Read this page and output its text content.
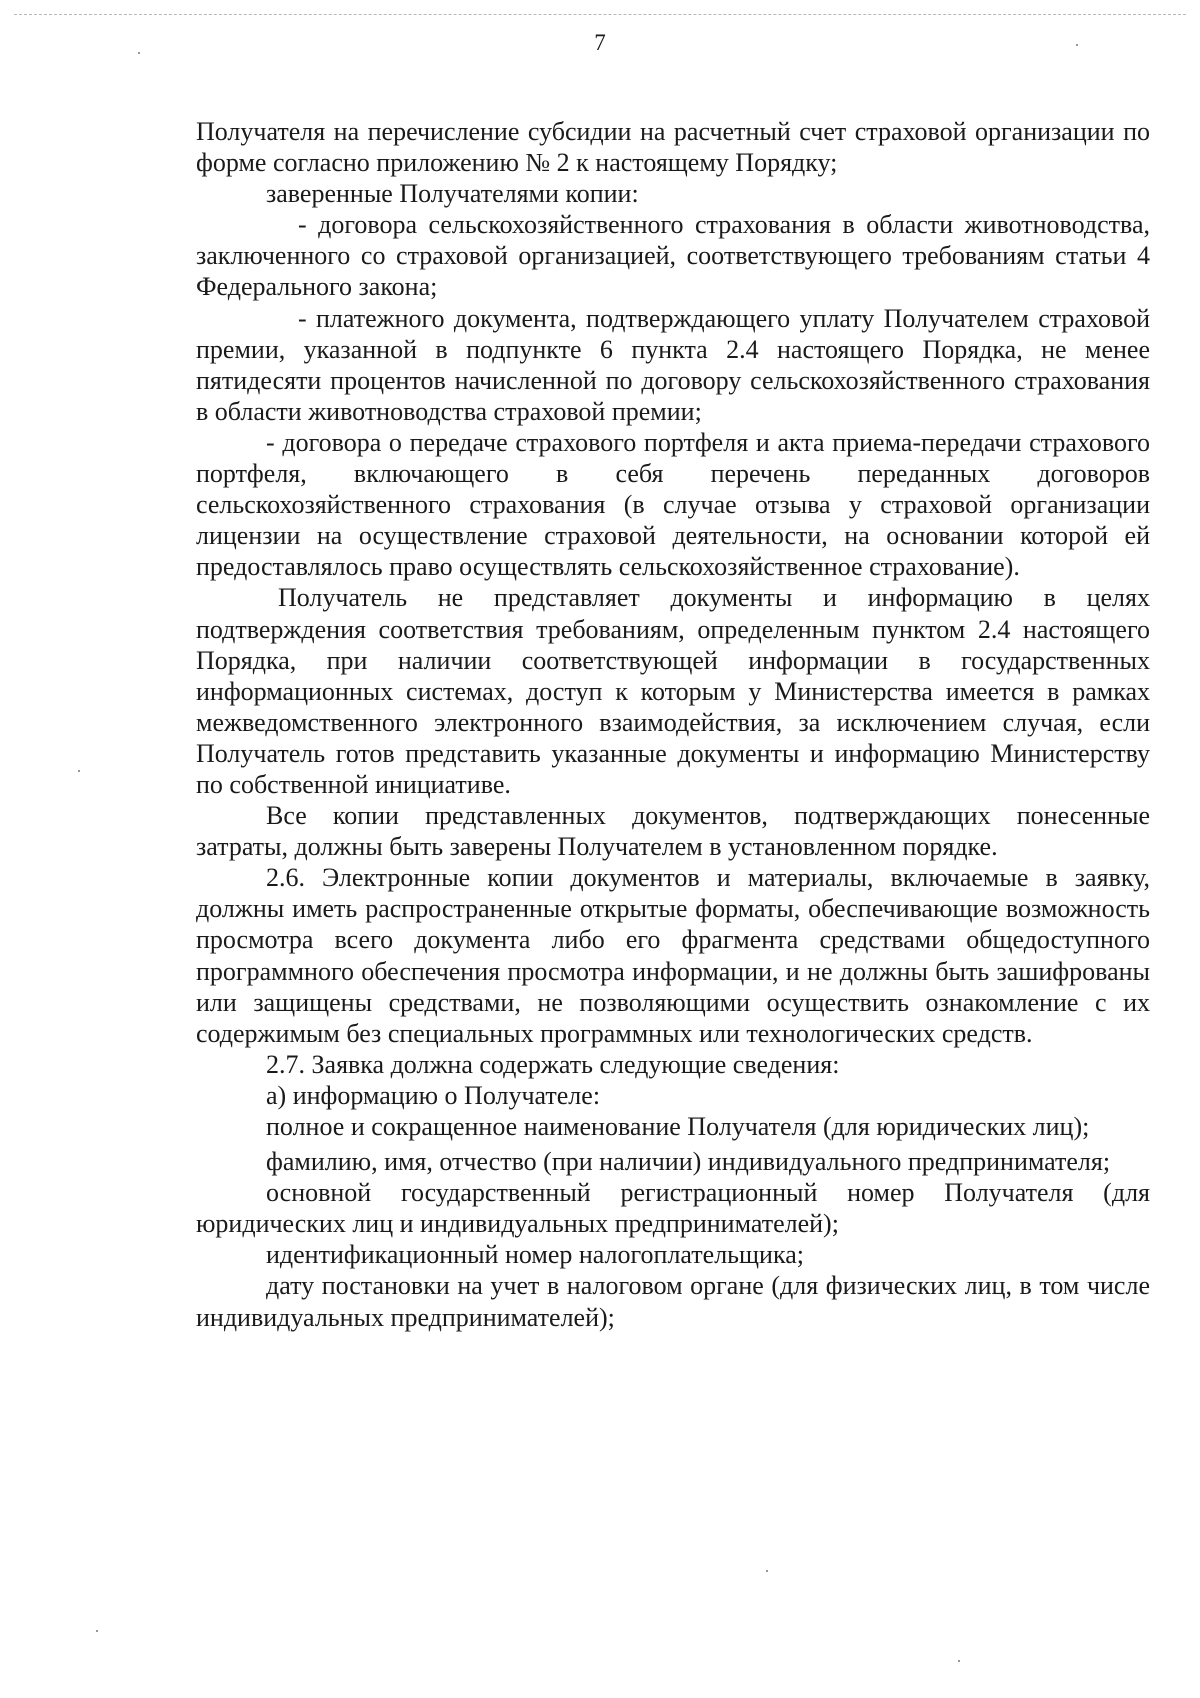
7

Получателя на перечисление субсидии на расчетный счет страховой организации по форме согласно приложению № 2 к настоящему Порядку;

заверенные Получателями копии:

- договора сельскохозяйственного страхования в области животноводства, заключенного со страховой организацией, соответствующего требованиям статьи 4 Федерального закона;

- платежного документа, подтверждающего уплату Получателем страховой премии, указанной в подпункте 6 пункта 2.4 настоящего Порядка, не менее пятидесяти процентов начисленной по договору сельскохозяйственного страхования в области животноводства страховой премии;

- договора о передаче страхового портфеля и акта приема-передачи страхового портфеля, включающего в себя перечень переданных договоров сельскохозяйственного страхования (в случае отзыва у страховой организации лицензии на осуществление страховой деятельности, на основании которой ей предоставлялось право осуществлять сельскохозяйственное страхование).

Получатель не представляет документы и информацию в целях подтверждения соответствия требованиям, определенным пунктом 2.4 настоящего Порядка, при наличии соответствующей информации в государственных информационных системах, доступ к которым у Министерства имеется в рамках межведомственного электронного взаимодействия, за исключением случая, если Получатель готов представить указанные документы и информацию Министерству по собственной инициативе.

Все копии представленных документов, подтверждающих понесенные затраты, должны быть заверены Получателем в установленном порядке.

2.6. Электронные копии документов и материалы, включаемые в заявку, должны иметь распространенные открытые форматы, обеспечивающие возможность просмотра всего документа либо его фрагмента средствами общедоступного программного обеспечения просмотра информации, и не должны быть зашифрованы или защищены средствами, не позволяющими осуществить ознакомление с их содержимым без специальных программных или технологических средств.

2.7. Заявка должна содержать следующие сведения:

а) информацию о Получателе:

полное и сокращенное наименование Получателя (для юридических лиц);

фамилию, имя, отчество (при наличии) индивидуального предпринимателя;

основной государственный регистрационный номер Получателя (для юридических лиц и индивидуальных предпринимателей);

идентификационный номер налогоплательщика;

дату постановки на учет в налоговом органе (для физических лиц, в том числе индивидуальных предпринимателей);
